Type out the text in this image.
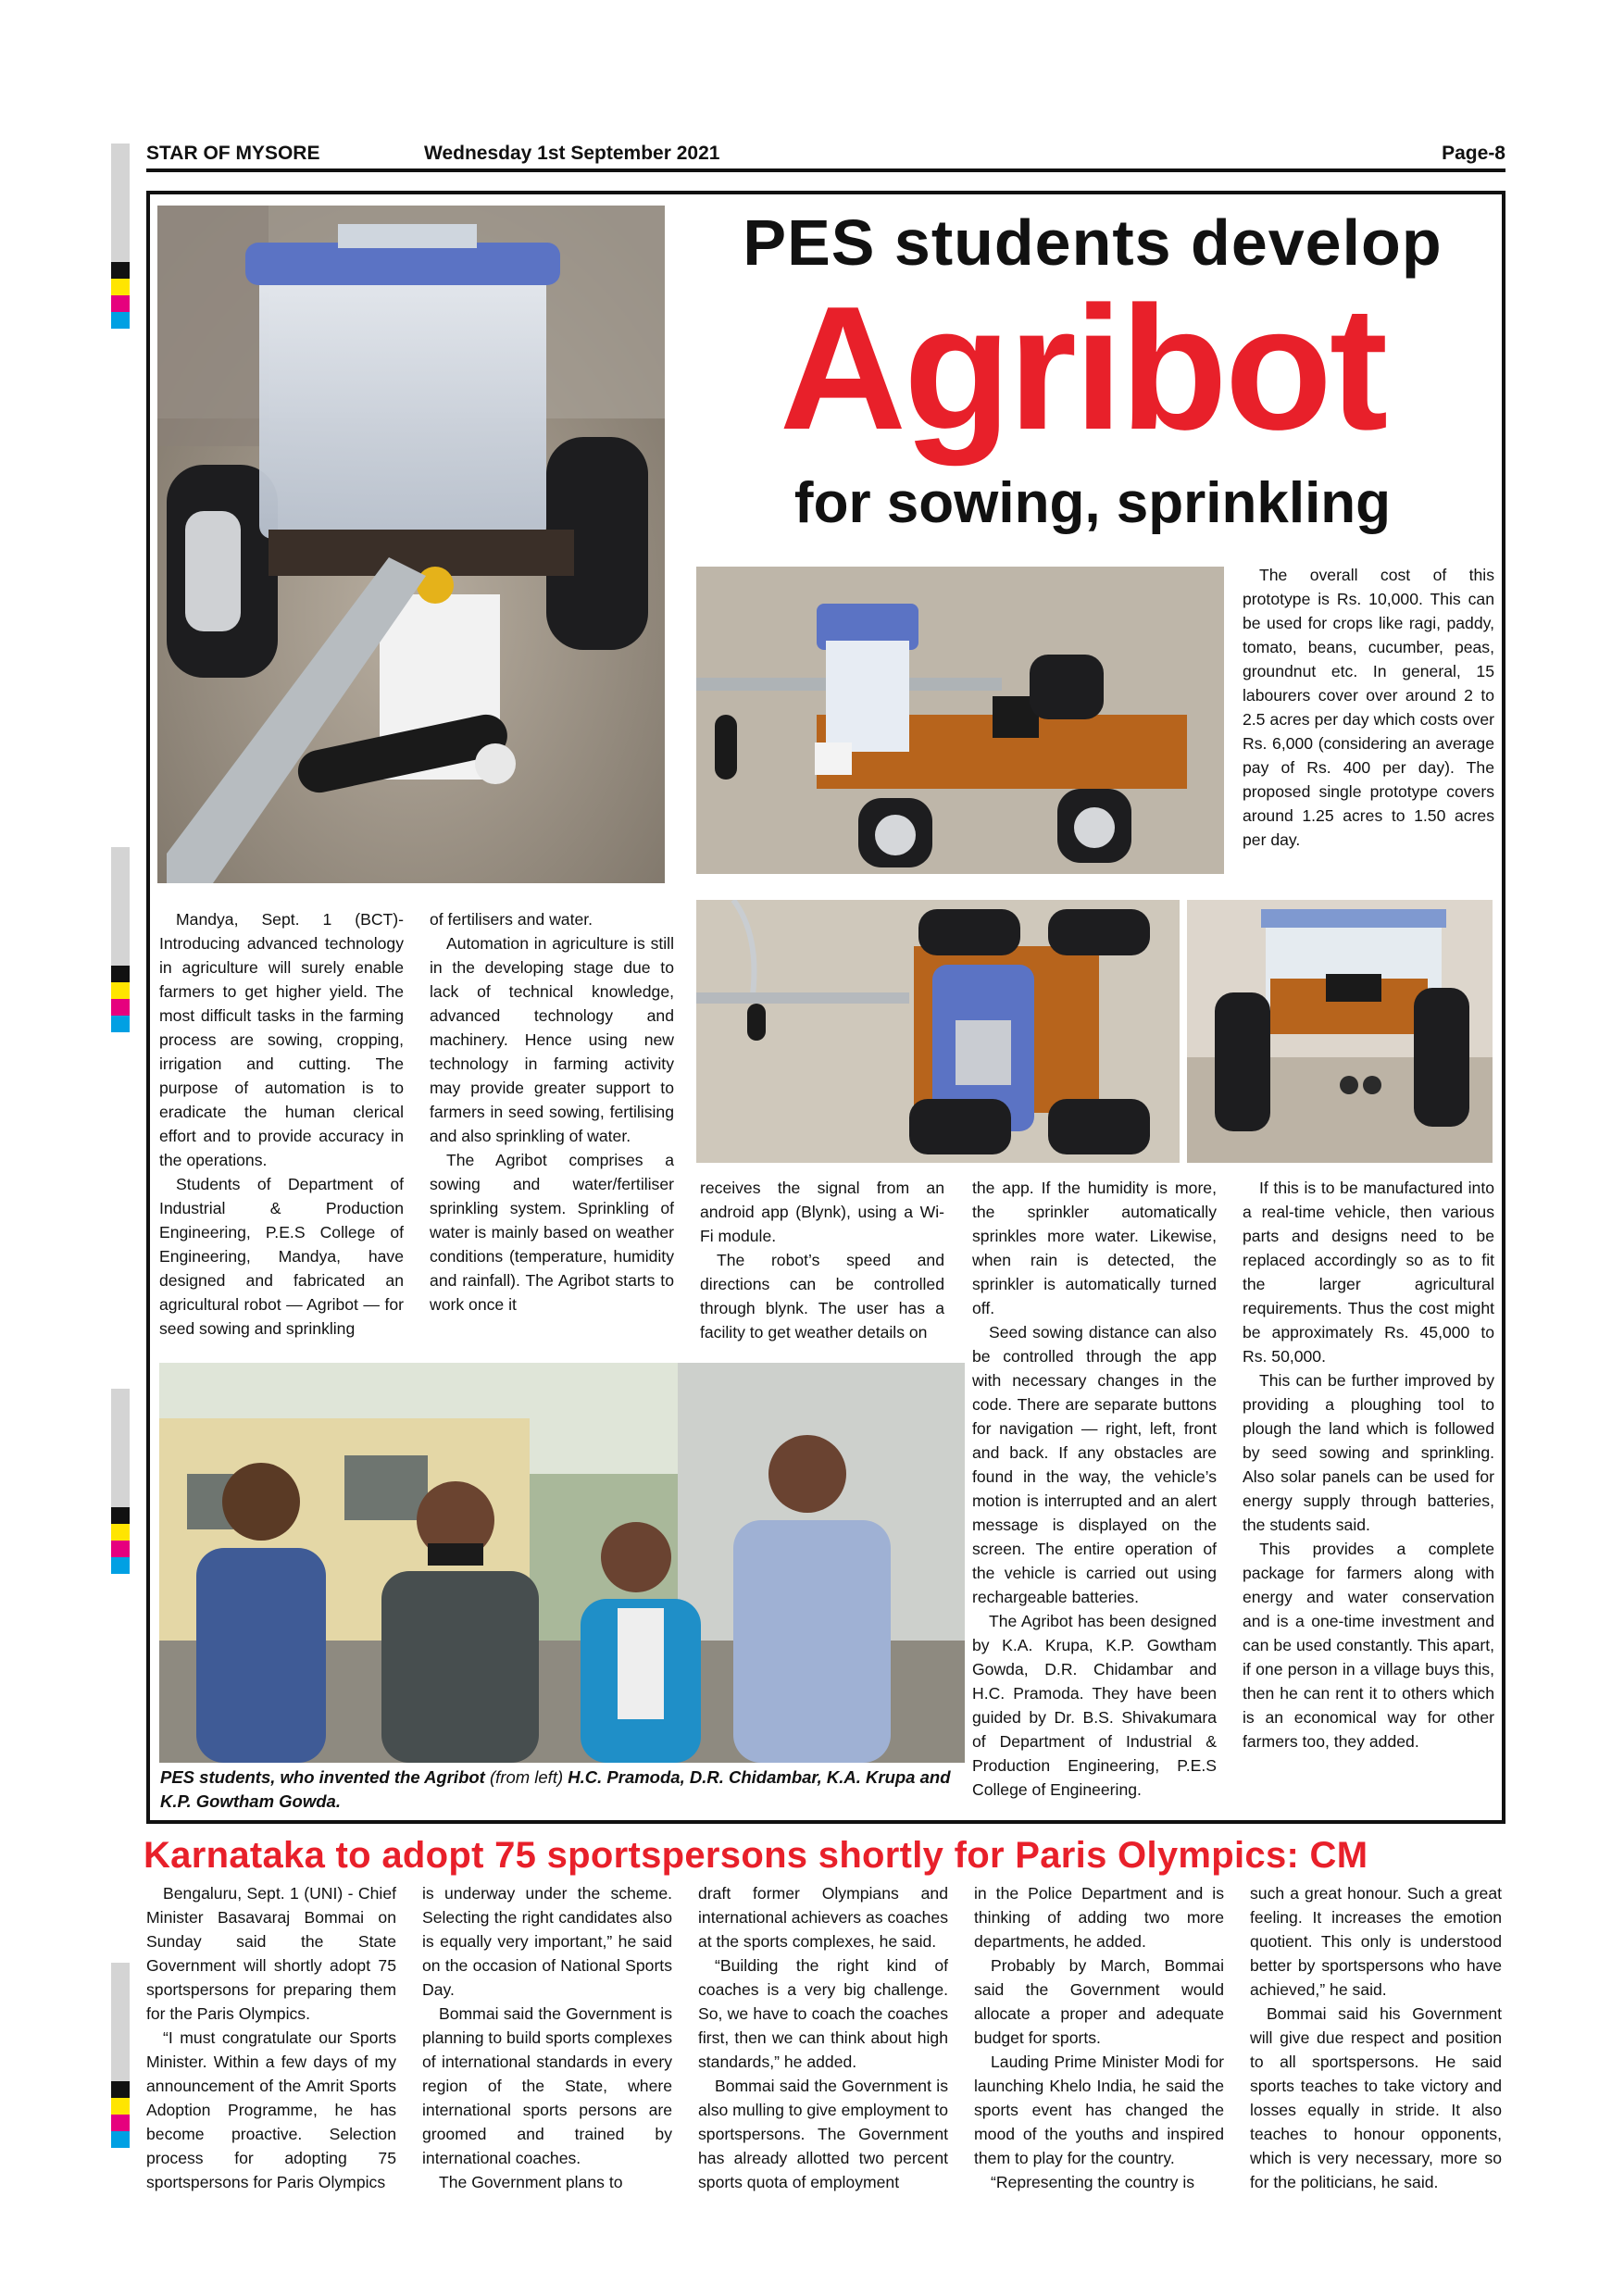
STAR OF MYSORE	Wednesday 1st September 2021	Page-8
PES students develop
Agribot
for sowing, sprinkling

The overall cost of this prototype is Rs. 10,000. This can be used for crops like ragi, paddy, tomato, beans, cucumber, peas, groundnut etc. In general, 15 labourers cover over around 2 to 2.5 acres per day which costs over Rs. 6,000 (considering an average pay of Rs. 400 per day). The proposed single prototype covers around 1.25 acres to 1.50 acres per day.

Mandya, Sept. 1 (BCT)- Introducing advanced technology in agriculture will surely enable farmers to get higher yield. The most difficult tasks in the farming process are sowing, cropping, irrigation and cutting. The purpose of automation is to eradicate the human clerical effort and to provide accuracy in the operations.

Students of Department of Industrial & Production Engineering, P.E.S College of Engineering, Mandya, have designed and fabricated an agricultural robot — Agribot — for seed sowing and sprinkling

of fertilisers and water.

Automation in agriculture is still in the developing stage due to lack of technical knowledge, advanced technology and machinery. Hence using new technology in farming activity may provide greater support to farmers in seed sowing, fertilising and also sprinkling of water.

The Agribot comprises a sowing and water/fertiliser sprinkling system. Sprinkling of water is mainly based on weather conditions (temperature, humidity and rainfall). The Agribot starts to work once it

receives the signal from an android app (Blynk), using a Wi-Fi module.

The robot’s speed and directions can be controlled through blynk. The user has a facility to get weather details on

the app. If the humidity is more, the sprinkler automatically sprinkles more water. Likewise, when rain is detected, the sprinkler is automatically turned off.

Seed sowing distance can also be controlled through the app with necessary changes in the code. There are separate buttons for navigation — right, left, front and back. If any obstacles are found in the way, the vehicle’s motion is interrupted and an alert message is displayed on the screen. The entire operation of the vehicle is carried out using rechargeable batteries.

The Agribot has been designed by K.A. Krupa, K.P. Gowtham Gowda, D.R. Chidambar and H.C. Pramoda. They have been guided by Dr. B.S. Shivakumara of Department of Industrial & Production Engineering, P.E.S College of Engineering.

If this is to be manufactured into a real-time vehicle, then various parts and designs need to be replaced accordingly so as to fit the larger agricultural requirements. Thus the cost might be approximately Rs. 45,000 to Rs. 50,000.

This can be further improved by providing a ploughing tool to plough the land which is followed by seed sowing and sprinkling. Also solar panels can be used for energy supply through batteries, the students said.

This provides a complete package for farmers along with energy and water conservation and is a one-time investment and can be used constantly. This apart, if one person in a village buys this, then he can rent it to others which is an economical way for other farmers too, they added.

PES students, who invented the Agribot (from left) H.C. Pramoda, D.R. Chidambar, K.A. Krupa and K.P. Gowtham Gowda.
Karnataka to adopt 75 sportspersons shortly for Paris Olympics: CM

Bengaluru, Sept. 1 (UNI) - Chief Minister Basavaraj Bommai on Sunday said the State Government will shortly adopt 75 sportspersons for preparing them for the Paris Olympics.

“I must congratulate our Sports Minister. Within a few days of my announcement of the Amrit Sports Adoption Programme, he has become proactive. Selection process for adopting 75 sportspersons for Paris Olympics

is underway under the scheme. Selecting the right candidates also is equally very important,” he said on the occasion of National Sports Day.

Bommai said the Government is planning to build sports complexes of international standards in every region of the State, where international sports persons are groomed and trained by international coaches.

The Government plans to

draft former Olympians and international achievers as coaches at the sports complexes, he said.

“Building the right kind of coaches is a very big challenge. So, we have to coach the coaches first, then we can think about high standards,” he added.

Bommai said the Government is also mulling to give employment to sportspersons. The Government has already allotted two percent sports quota of employment

in the Police Department and is thinking of adding two more departments, he added.

Probably by March, Bommai said the Government would allocate a proper and adequate budget for sports.

Lauding Prime Minister Modi for launching Khelo India, he said the sports event has changed the mood of the youths and inspired them to play for the country.

“Representing the country is

such a great honour. Such a great feeling. It increases the emotion quotient. This only is understood better by sportspersons who have achieved,” he said.

Bommai said his Government will give due respect and position to all sportspersons. He said sports teaches to take victory and losses equally in stride. It also teaches to honour opponents, which is very necessary, more so for the politicians, he said.
